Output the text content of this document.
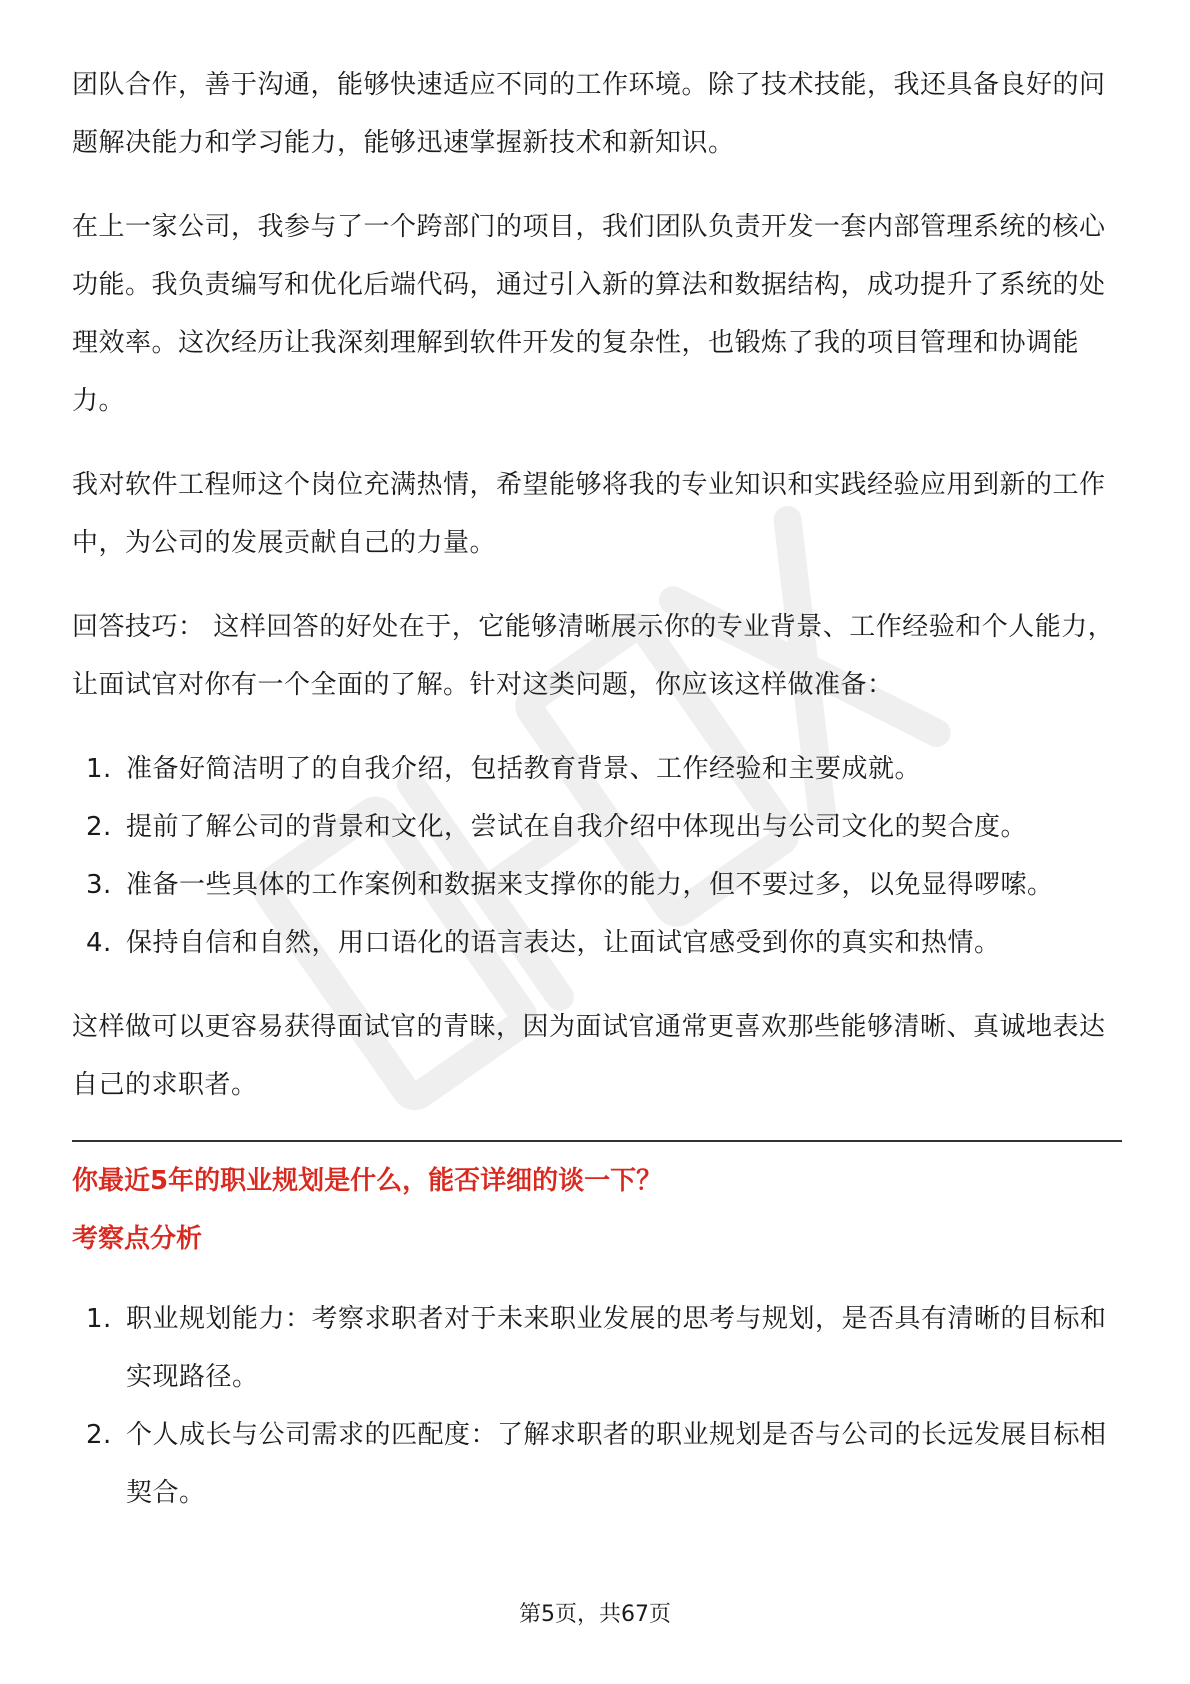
团队合作，善于沟通，能够快速适应不同的工作环境。除了技术技能，我还具备良好的问题解决能力和学习能力，能够迅速掌握新技术和新知识。

在上一家公司，我参与了一个跨部门的项目，我们团队负责开发一套内部管理系统的核心功能。我负责编写和优化后端代码，通过引入新的算法和数据结构，成功提升了系统的处理效率。这次经历让我深刻理解到软件开发的复杂性，也锻炼了我的项目管理和协调能力。

我对软件工程师这个岗位充满热情，希望能够将我的专业知识和实践经验应用到新的工作中，为公司的发展贡献自己的力量。

回答技巧： 这样回答的好处在于，它能够清晰展示你的专业背景、工作经验和个人能力，让面试官对你有一个全面的了解。针对这类问题，你应该这样做准备：

1. 准备好简洁明了的自我介绍，包括教育背景、工作经验和主要成就。
2. 提前了解公司的背景和文化，尝试在自我介绍中体现出与公司文化的契合度。
3. 准备一些具体的工作案例和数据来支撑你的能力，但不要过多，以免显得啰嗦。
4. 保持自信和自然，用口语化的语言表达，让面试官感受到你的真实和热情。

这样做可以更容易获得面试官的青睐，因为面试官通常更喜欢那些能够清晰、真诚地表达自己的求职者。

你最近5年的职业规划是什么，能否详细的谈一下？

考察点分析

1. 职业规划能力：考察求职者对于未来职业发展的思考与规划，是否具有清晰的目标和实现路径。
2. 个人成长与公司需求的匹配度：了解求职者的职业规划是否与公司的长远发展目标相契合。
第5页，共67页
